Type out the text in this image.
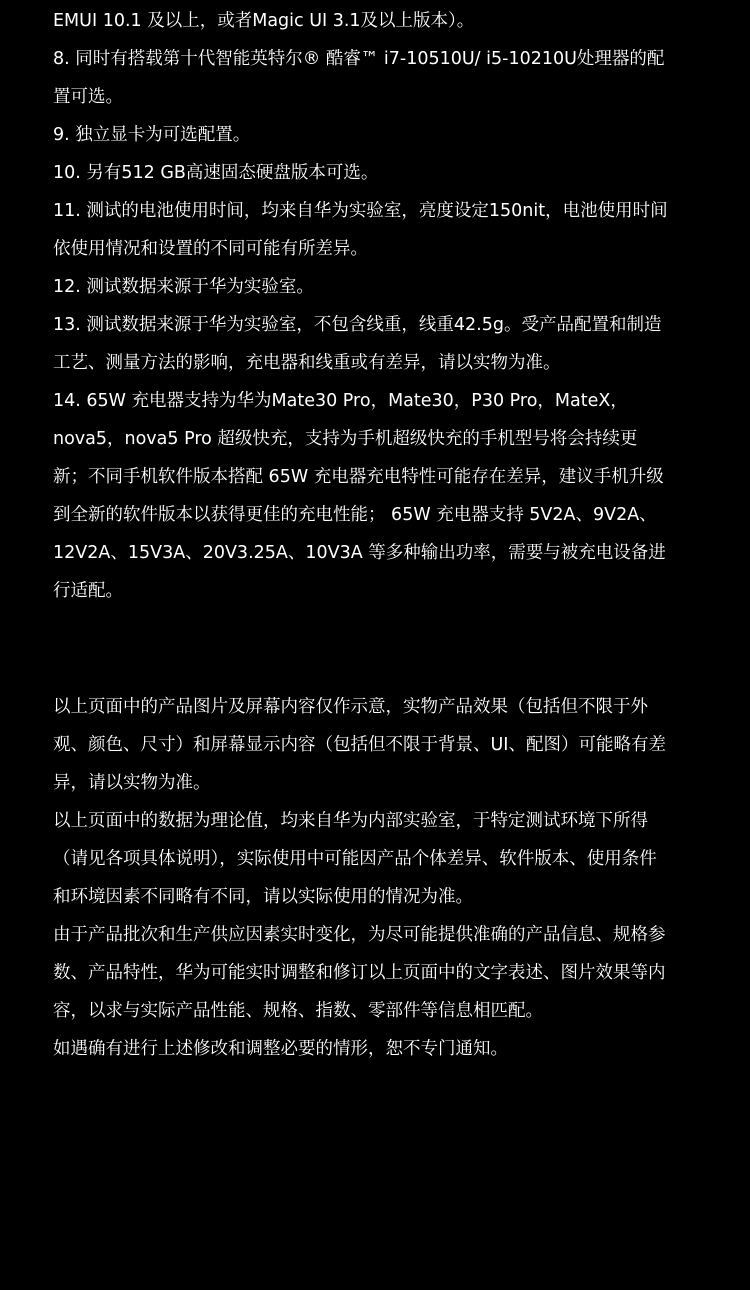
EMUI 10.1 及以上，或者Magic UI 3.1及以上版本）。
8. 同时有搭载第十代智能英特尔® 酷睿™ i7-10510U/ i5-10210U处理器的配
置可选。
9. 独立显卡为可选配置。
10. 另有512 GB高速固态硬盘版本可选。
11. 测试的电池使用时间，均来自华为实验室，亮度设定150nit，电池使用时间
依使用情况和设置的不同可能有所差异。
12. 测试数据来源于华为实验室。
13. 测试数据来源于华为实验室，不包含线重，线重42.5g。受产品配置和制造
工艺、测量方法的影响，充电器和线重或有差异，请以实物为准。
14. 65W 充电器支持为华为Mate30 Pro，Mate30，P30 Pro，MateX，
nova5，nova5 Pro 超级快充，支持为手机超级快充的手机型号将会持续更
新；不同手机软件版本搭配 65W 充电器充电特性可能存在差异，建议手机升级
到全新的软件版本以获得更佳的充电性能； 65W 充电器支持 5V2A、9V2A、
12V2A、15V3A、20V3.25A、10V3A 等多种输出功率，需要与被充电设备进
行适配。
以上页面中的产品图片及屏幕内容仅作示意，实物产品效果（包括但不限于外
观、颜色、尺寸）和屏幕显示内容（包括但不限于背景、UI、配图）可能略有差
异，请以实物为准。
以上页面中的数据为理论值，均来自华为内部实验室，于特定测试环境下所得
（请见各项具体说明），实际使用中可能因产品个体差异、软件版本、使用条件
和环境因素不同略有不同，请以实际使用的情况为准。
由于产品批次和生产供应因素实时变化，为尽可能提供准确的产品信息、规格参
数、产品特性，华为可能实时调整和修订以上页面中的文字表述、图片效果等内
容，以求与实际产品性能、规格、指数、零部件等信息相匹配。
如遇确有进行上述修改和调整必要的情形，恕不专门通知。
